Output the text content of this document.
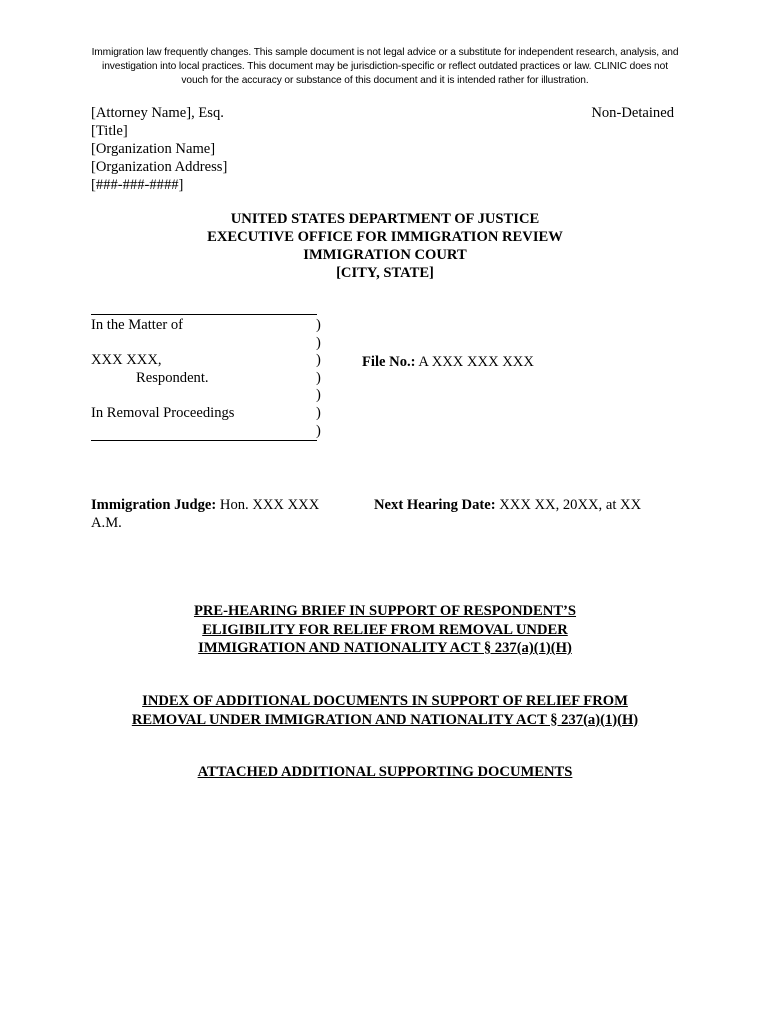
Immigration law frequently changes. This sample document is not legal advice or a substitute for independent research, analysis, and investigation into local practices. This document may be jurisdiction-specific or reflect outdated practices or law. CLINIC does not vouch for the accuracy or substance of this document and it is intended rather for illustration.
[Attorney Name], Esq.
[Title]
[Organization Name]
[Organization Address]
[###-###-####]
Non-Detained
UNITED STATES DEPARTMENT OF JUSTICE
EXECUTIVE OFFICE FOR IMMIGRATION REVIEW
IMMIGRATION COURT
[CITY, STATE]
In the Matter of
XXX XXX,
Respondent.
In Removal Proceedings
)
)
)
)
)
)
)
File No.: A XXX XXX XXX
Immigration Judge: Hon. XXX XXX
A.M.
Next Hearing Date: XXX XX, 20XX, at XX
PRE-HEARING BRIEF IN SUPPORT OF RESPONDENT’S
ELIGIBILITY FOR RELIEF FROM REMOVAL UNDER
IMMIGRATION AND NATIONALITY ACT § 237(a)(1)(H)
INDEX OF ADDITIONAL DOCUMENTS IN SUPPORT OF RELIEF FROM
REMOVAL UNDER IMMIGRATION AND NATIONALITY ACT § 237(a)(1)(H)
ATTACHED ADDITIONAL SUPPORTING DOCUMENTS
